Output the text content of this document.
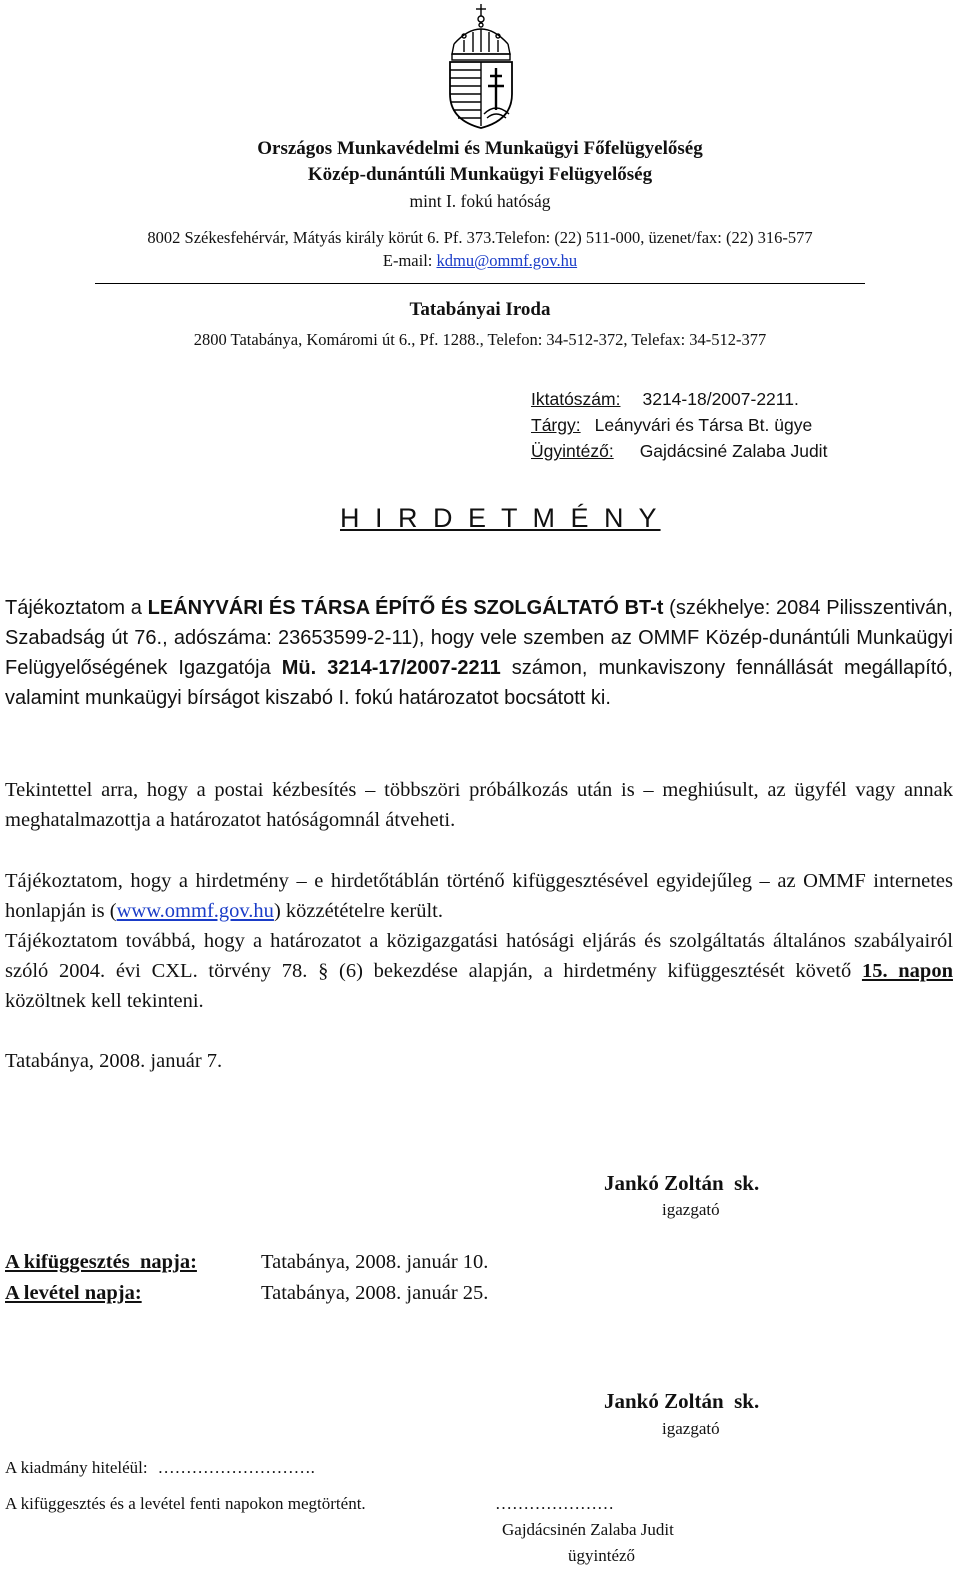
Országos Munkavédelmi és Munkaügyi Főfelügyelőség
Közép-dunántúli Munkaügyi Felügyelőség
mint I. fokú hatóság
8002 Székesfehérvár, Mátyás király körút 6. Pf. 373.Telefon: (22) 511-000, üzenet/fax: (22) 316-577
E-mail: kdmu@ommf.gov.hu
Tatabányai Iroda
2800 Tatabánya, Komáromi út 6., Pf. 1288., Telefon: 34-512-372, Telefax: 34-512-377
Iktatószám: 3214-18/2007-2211.
Tárgy: Leányvári és Társa Bt. ügye
Ügyintéző: Gajdácsiné Zalaba Judit
H I R D E T M É N Y
Tájékoztatom a LEÁNYVÁRI ÉS TÁRSA ÉPÍTŐ ÉS SZOLGÁLTATÓ BT-t (székhelye: 2084 Pilisszentiván, Szabadság út 76., adószáma: 23653599-2-11), hogy vele szemben az OMMF Közép-dunántúli Munkaügyi Felügyelőségének Igazgatója Mü. 3214-17/2007-2211 számon, munkaviszony fennállását megállapító, valamint munkaügyi bírságot kiszabó I. fokú határozatot bocsátott ki.
Tekintettel arra, hogy a postai kézbesítés – többszöri próbálkozás után is – meghiúsult, az ügyfél vagy annak meghatalmazottja a határozatot hatóságomnál átveheti.
Tájékoztatom, hogy a hirdetmény – e hirdetőtáblán történő kifüggesztésével egyidejűleg – az OMMF internetes honlapján is (www.ommf.gov.hu) közzétételre került.
Tájékoztatom továbbá, hogy a határozatot a közigazgatási hatósági eljárás és szolgáltatás általános szabályairól szóló 2004. évi CXL. törvény 78. § (6) bekezdése alapján, a hirdetmény kifüggesztését követő 15. napon közöltnek kell tekinteni.
Tatabánya, 2008. január 7.
Jankó Zoltán  sk.
igazgató
A kifüggesztés  napja:	Tatabánya, 2008. január 10.
A levétel napja:	Tatabánya, 2008. január 25.
Jankó Zoltán  sk.
igazgató
A kiadmány hiteléül: ……………………….
A kifüggesztés és a levétel fenti napokon megtörtént.	…………………
Gajdácsinén Zalaba Judit
ügyintéző
